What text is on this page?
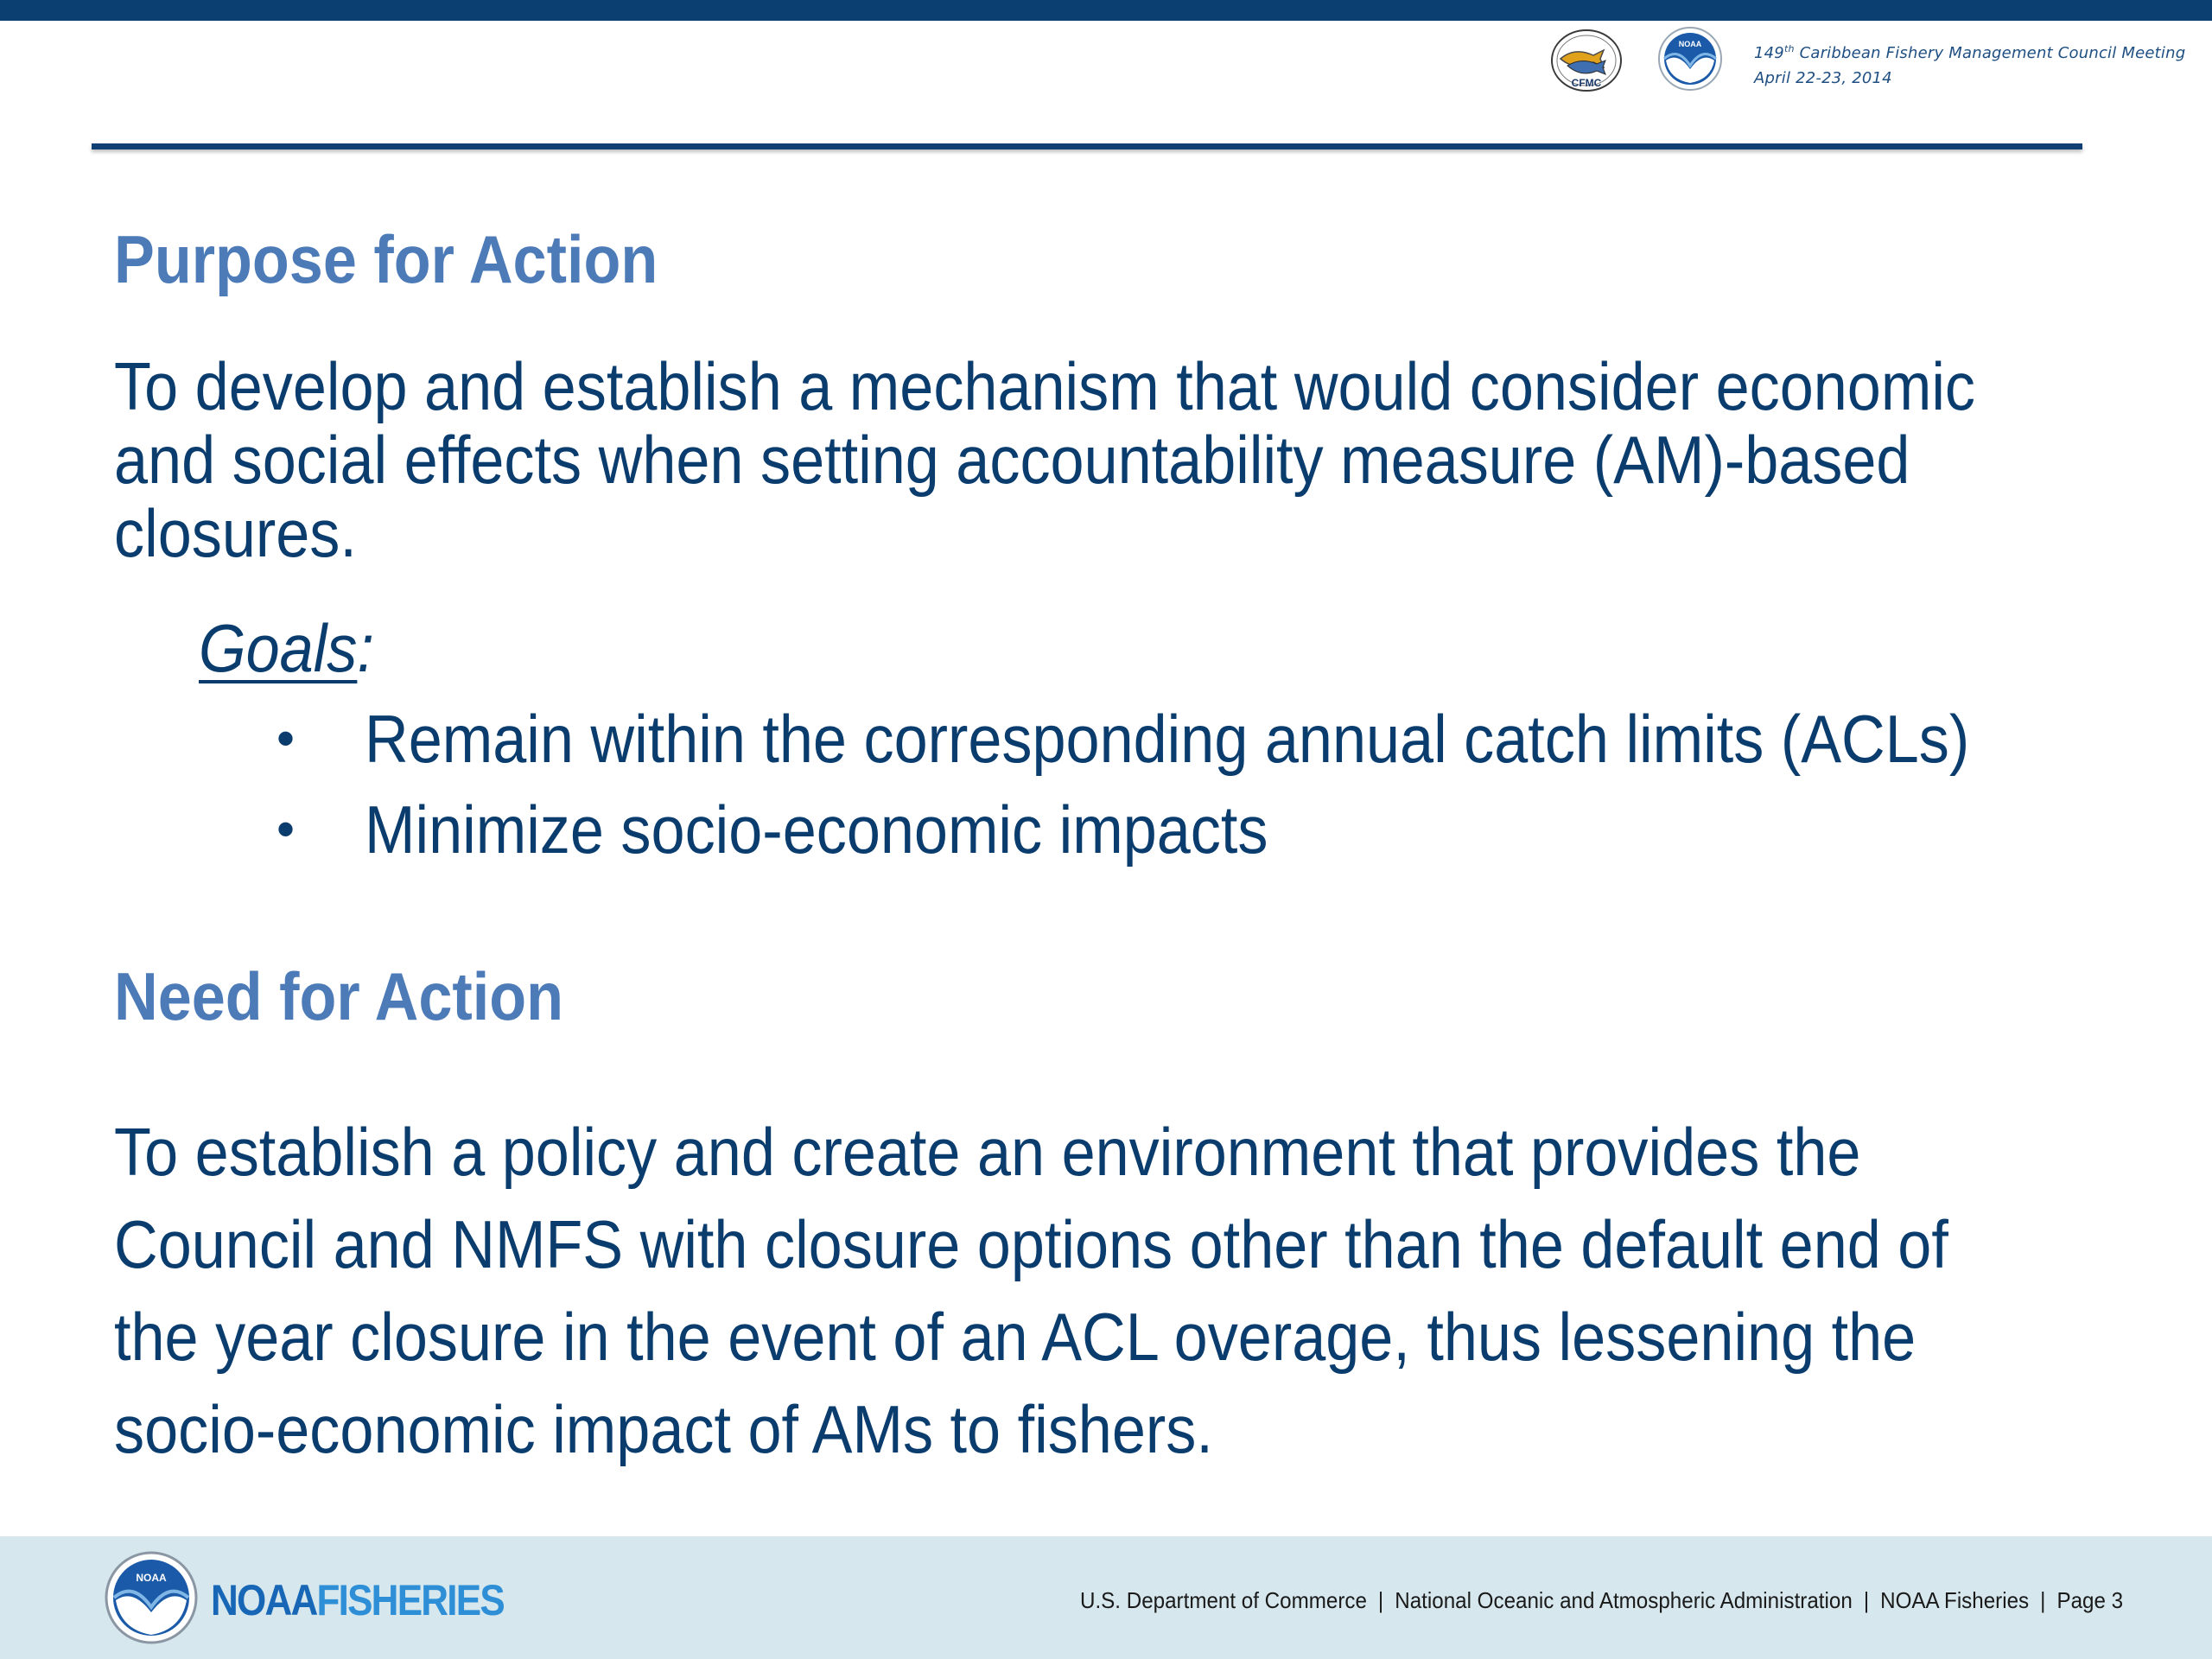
CFMC
NOAA	149th Caribbean Fishery Management Council Meeting
April 22-23, 2014
Purpose for Action
To develop and establish a mechanism that would consider economic
and social effects when setting accountability measure (AM)-based
closures.
Goals:
• Remain within the corresponding annual catch limits (ACLs)
• Minimize socio-economic impacts
Need for Action
To establish a policy and create an environment that provides the
Council and NMFS with closure options other than the default end of
the year closure in the event of an ACL overage, thus lessening the
socio-economic impact of AMs to fishers.
NOAA NOAAFISHERIES	U.S. Department of Commerce | National Oceanic and Atmospheric Administration | NOAA Fisheries | Page 3
